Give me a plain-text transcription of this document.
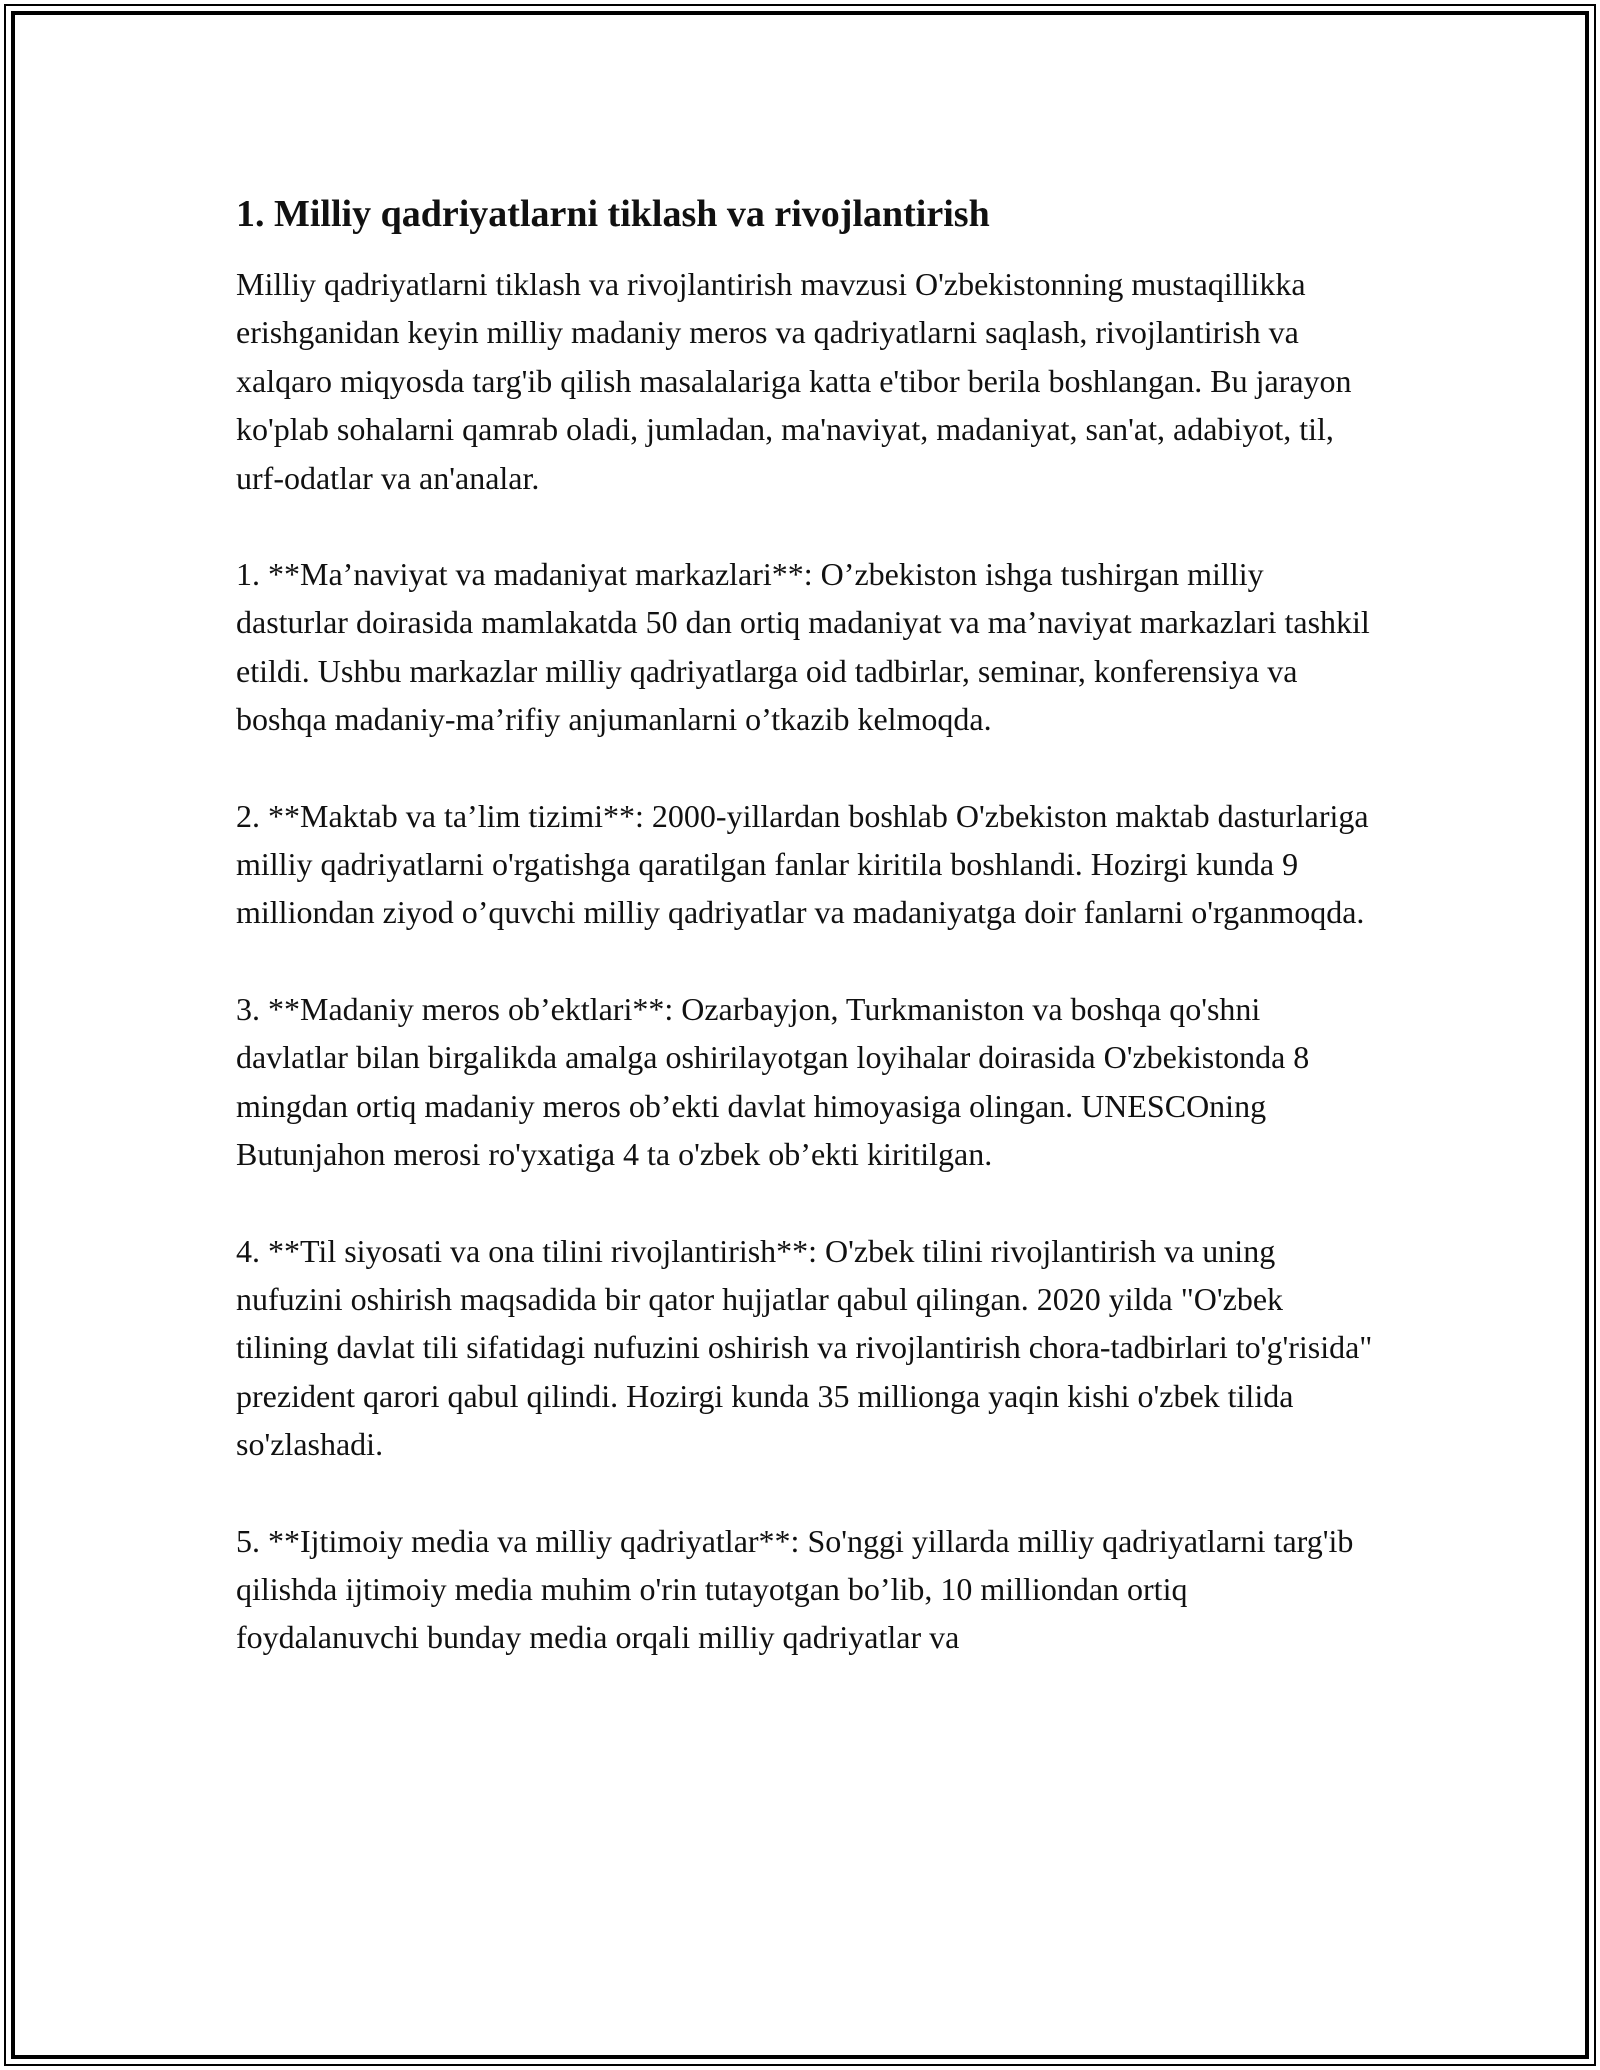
1. Milliy qadriyatlarni tiklash va rivojlantirish

Milliy qadriyatlarni tiklash va rivojlantirish mavzusi O'zbekistonning mustaqillikka erishganidan keyin milliy madaniy meros va qadriyatlarni saqlash, rivojlantirish va xalqaro miqyosda targ'ib qilish masalalariga katta e'tibor berila boshlangan. Bu jarayon ko'plab sohalarni qamrab oladi, jumladan, ma'naviyat, madaniyat, san'at, adabiyot, til, urf-odatlar va an'analar.

1. **Ma’naviyat va madaniyat markazlari**: O’zbekiston ishga tushirgan milliy dasturlar doirasida mamlakatda 50 dan ortiq madaniyat va ma’naviyat markazlari tashkil etildi. Ushbu markazlar milliy qadriyatlarga oid tadbirlar, seminar, konferensiya va boshqa madaniy-ma’rifiy anjumanlarni o’tkazib kelmoqda.

2. **Maktab va ta’lim tizimi**: 2000-yillardan boshlab O'zbekiston maktab dasturlariga milliy qadriyatlarni o'rgatishga qaratilgan fanlar kiritila boshlandi. Hozirgi kunda 9 milliondan ziyod o’quvchi milliy qadriyatlar va madaniyatga doir fanlarni o'rganmoqda.

3. **Madaniy meros ob’ektlari**: Ozarbayjon, Turkmaniston va boshqa qo'shni davlatlar bilan birgalikda amalga oshirilayotgan loyihalar doirasida O'zbekistonda 8 mingdan ortiq madaniy meros ob’ekti davlat himoyasiga olingan. UNESCOning Butunjahon merosi ro'yxatiga 4 ta o'zbek ob’ekti kiritilgan.

4. **Til siyosati va ona tilini rivojlantirish**: O'zbek tilini rivojlantirish va uning nufuzini oshirish maqsadida bir qator hujjatlar qabul qilingan. 2020 yilda "O'zbek tilining davlat tili sifatidagi nufuzini oshirish va rivojlantirish chora-tadbirlari to'g'risida" prezident qarori qabul qilindi. Hozirgi kunda 35 millionga yaqin kishi o'zbek tilida so'zlashadi.

5. **Ijtimoiy media va milliy qadriyatlar**: So'nggi yillarda milliy qadriyatlarni targ'ib qilishda ijtimoiy media muhim o'rin tutayotgan bo’lib, 10 milliondan ortiq foydalanuvchi bunday media orqali milliy qadriyatlar va
